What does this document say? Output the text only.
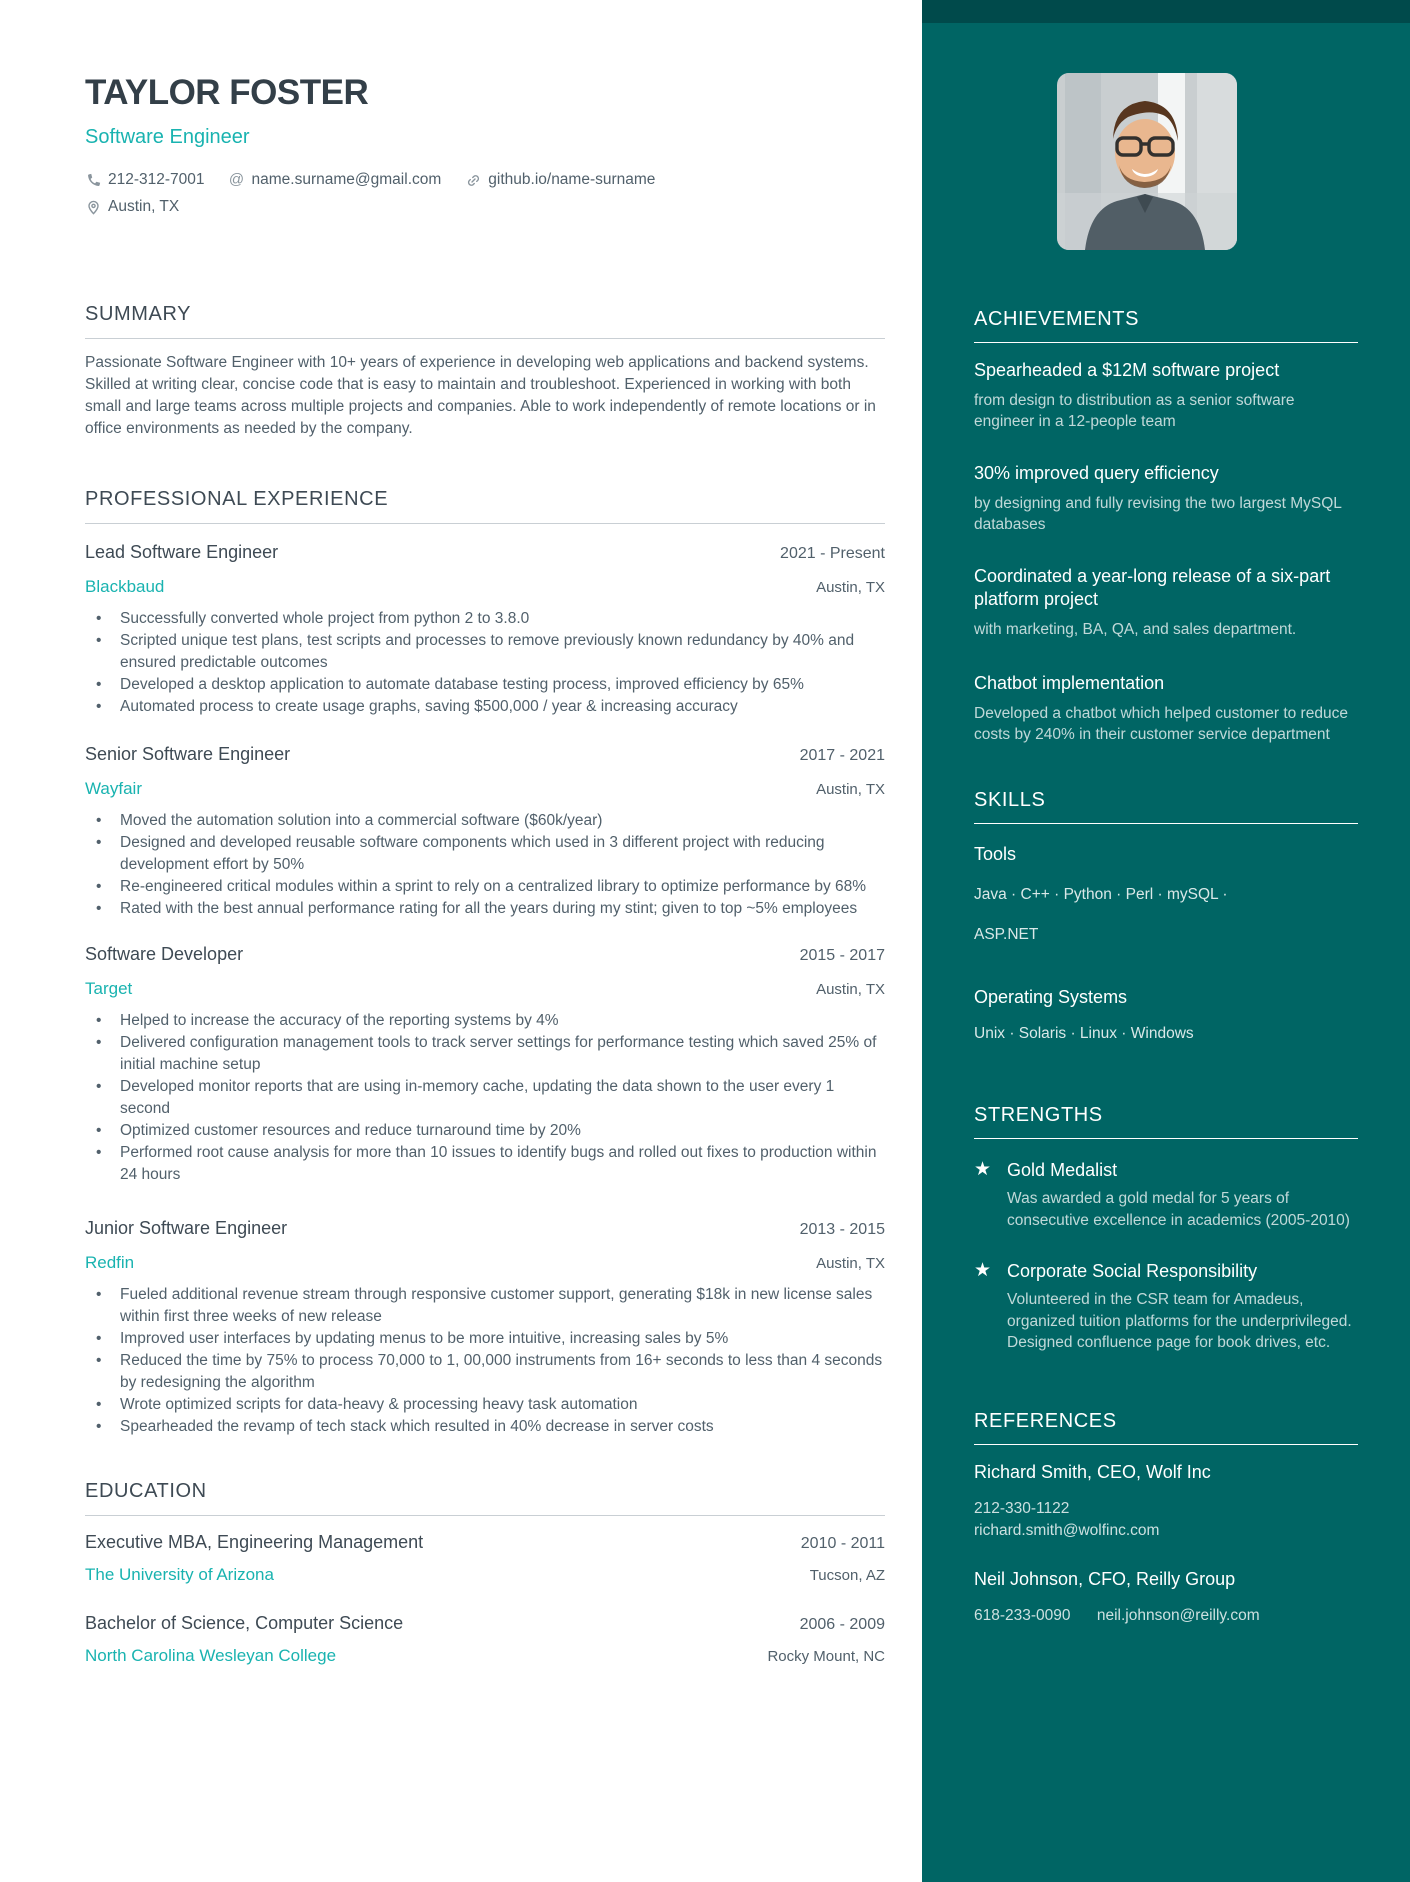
TAYLOR FOSTER
Software Engineer
212-312-7001 @ name.surname@gmail.com	github.io/name-surname
Austin, TX
SUMMARY

Passionate Software Engineer with 10+ years of experience in developing web applications and backend systems. Skilled at writing clear, concise code that is easy to maintain and troubleshoot. Experienced in working with both small and large teams across multiple projects and companies. Able to work independently of remote locations or in office environments as needed by the company.

PROFESSIONAL EXPERIENCE
Lead Software Engineer	2021 - Present
Blackbaud	Austin, TX
• Successfully converted whole project from python 2 to 3.8.0
• Scripted unique test plans, test scripts and processes to remove previously known redundancy by 40% and ensured predictable outcomes
• Developed a desktop application to automate database testing process, improved efficiency by 65%
• Automated process to create usage graphs, saving $500,000 / year & increasing accuracy
Senior Software Engineer	2017 - 2021
Wayfair	Austin, TX
• Moved the automation solution into a commercial software ($60k/year)
• Designed and developed reusable software components which used in 3 different project with reducing development effort by 50%
• Re-engineered critical modules within a sprint to rely on a centralized library to optimize performance by 68%
• Rated with the best annual performance rating for all the years during my stint; given to top ~5% employees
Software Developer	2015 - 2017
Target	Austin, TX
• Helped to increase the accuracy of the reporting systems by 4%
• Delivered configuration management tools to track server settings for performance testing which saved 25% of initial machine setup
• Developed monitor reports that are using in-memory cache, updating the data shown to the user every 1 second
• Optimized customer resources and reduce turnaround time by 20%
• Performed root cause analysis for more than 10 issues to identify bugs and rolled out fixes to production within 24 hours
Junior Software Engineer	2013 - 2015
Redfin	Austin, TX
• Fueled additional revenue stream through responsive customer support, generating $18k in new license sales within first three weeks of new release
• Improved user interfaces by updating menus to be more intuitive, increasing sales by 5%
• Reduced the time by 75% to process 70,000 to 1, 00,000 instruments from 16+ seconds to less than 4 seconds by redesigning the algorithm
• Wrote optimized scripts for data-heavy & processing heavy task automation
• Spearheaded the revamp of tech stack which resulted in 40% decrease in server costs
EDUCATION
Executive MBA, Engineering Management	2010 - 2011
The University of Arizona	Tucson, AZ
Bachelor of Science, Computer Science	2006 - 2009
North Carolina Wesleyan College	Rocky Mount, NC
ACHIEVEMENTS
Spearheaded a $12M software project
from design to distribution as a senior software engineer in a 12-people team
30% improved query efficiency
by designing and fully revising the two largest MySQL databases
Coordinated a year-long release of a six-part platform project
with marketing, BA, QA, and sales department.
Chatbot implementation
Developed a chatbot which helped customer to reduce costs by 240% in their customer service department
SKILLS
Tools
Java · C++ · Python · Perl · mySQL ·
ASP.NET
Operating Systems
Unix · Solaris · Linux · Windows
STRENGTHS
★ Gold Medalist
Was awarded a gold medal for 5 years of consecutive excellence in academics (2005-2010)
★ Corporate Social Responsibility
Volunteered in the CSR team for Amadeus, organized tuition platforms for the underprivileged. Designed confluence page for book drives, etc.
REFERENCES
Richard Smith, CEO, Wolf Inc
212-330-1122
richard.smith@wolfinc.com
Neil Johnson, CFO, Reilly Group
618-233-0090 neil.johnson@reilly.com
